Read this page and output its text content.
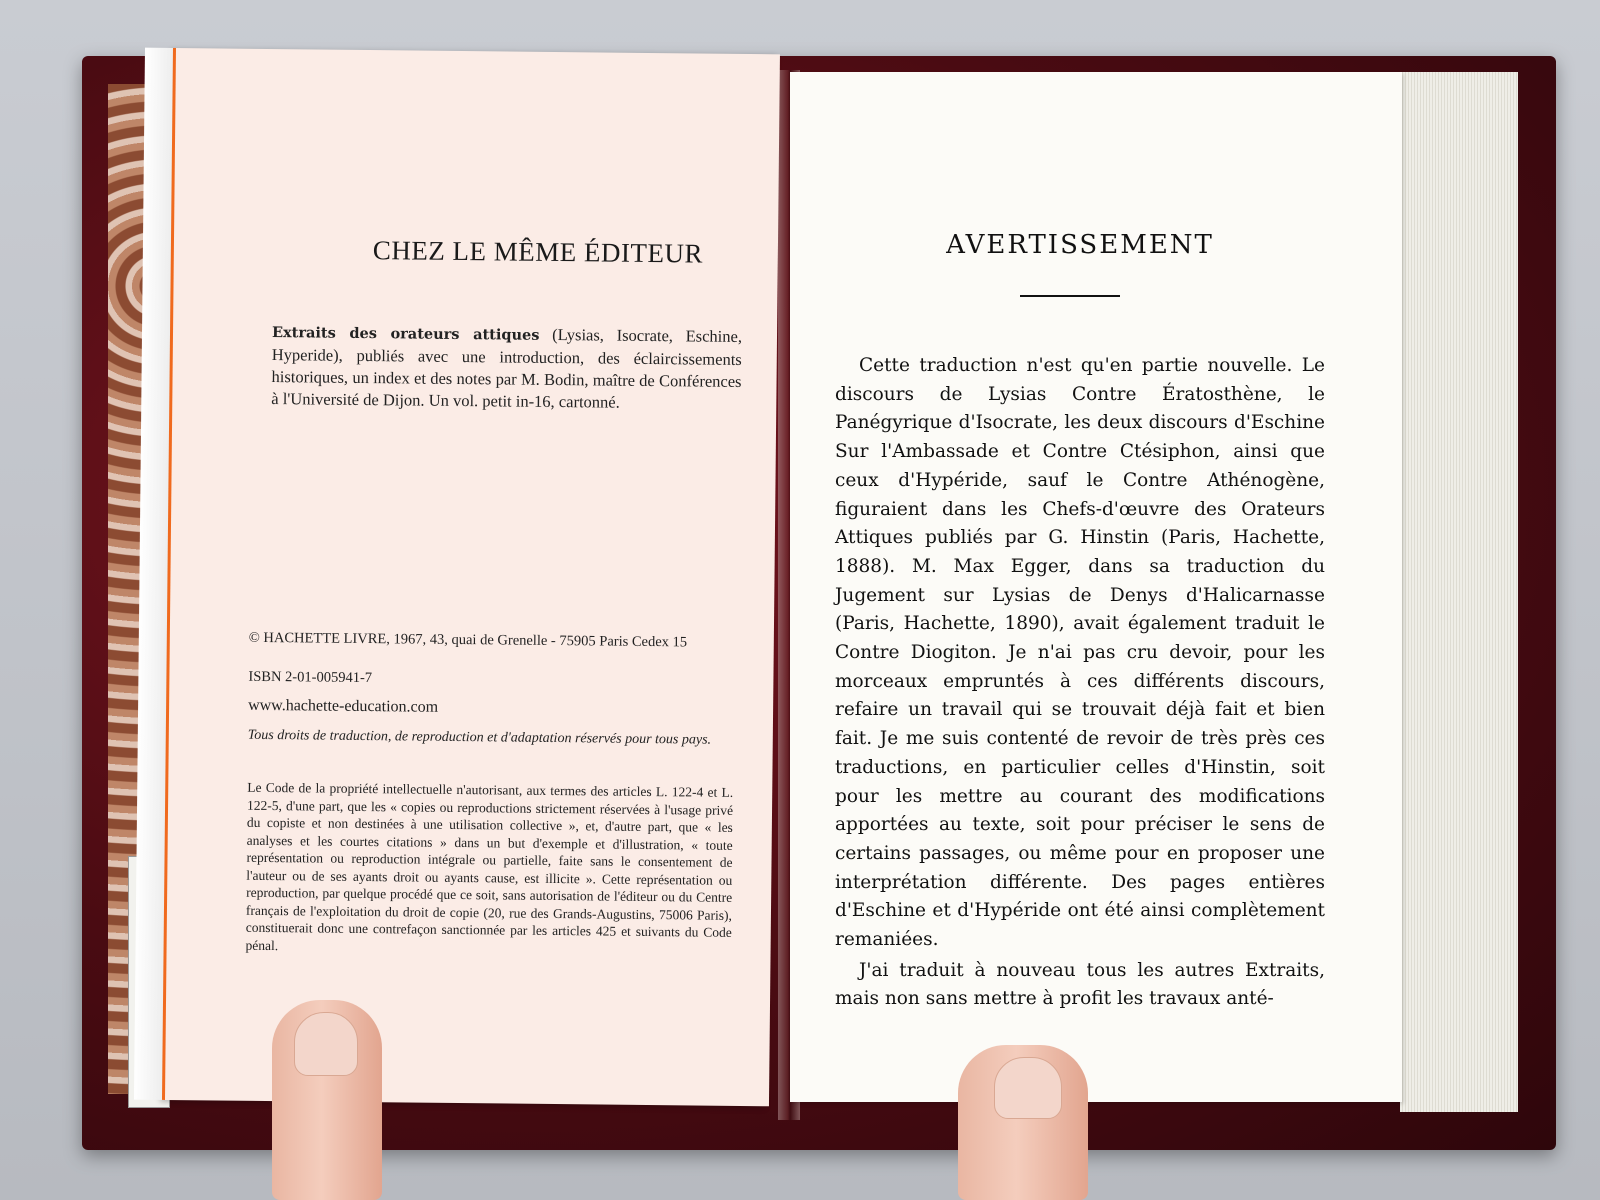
CHEZ LE MÊME ÉDITEUR
Extraits des orateurs attiques (Lysias, Isocrate, Eschine, Hyperide), publiés avec une introduction, des éclaircissements historiques, un index et des notes par M. Bodin, maître de Conférences à l'Université de Dijon. Un vol. petit in-16, cartonné.
© HACHETTE LIVRE, 1967, 43, quai de Grenelle - 75905 Paris Cedex 15
ISBN 2-01-005941-7
www.hachette-education.com
Tous droits de traduction, de reproduction et d'adaptation réservés pour tous pays.
Le Code de la propriété intellectuelle n'autorisant, aux termes des articles L. 122-4 et L. 122-5, d'une part, que les « copies ou reproductions strictement réservées à l'usage privé du copiste et non destinées à une utilisation collective », et, d'autre part, que « les analyses et les courtes citations » dans un but d'exemple et d'illustration, « toute représentation ou reproduction intégrale ou partielle, faite sans le consentement de l'auteur ou de ses ayants droit ou ayants cause, est illicite ». Cette représentation ou reproduction, par quelque procédé que ce soit, sans autorisation de l'éditeur ou du Centre français de l'exploitation du droit de copie (20, rue des Grands-Augustins, 75006 Paris), constituerait donc une contrefaçon sanctionnée par les articles 425 et suivants du Code pénal.
AVERTISSEMENT

Cette traduction n'est qu'en partie nouvelle. Le discours de Lysias Contre Ératosthène, le Panégyrique d'Isocrate, les deux discours d'Eschine Sur l'Ambassade et Contre Ctésiphon, ainsi que ceux d'Hypéride, sauf le Contre Athénogène, figuraient dans les Chefs-d'œuvre des Orateurs Attiques publiés par G. Hinstin (Paris, Hachette, 1888). M. Max Egger, dans sa traduction du Jugement sur Lysias de Denys d'Halicarnasse (Paris, Hachette, 1890), avait également traduit le Contre Diogiton. Je n'ai pas cru devoir, pour les morceaux empruntés à ces différents discours, refaire un travail qui se trouvait déjà fait et bien fait. Je me suis contenté de revoir de très près ces traductions, en particulier celles d'Hinstin, soit pour les mettre au courant des modifications apportées au texte, soit pour préciser le sens de certains passages, ou même pour en proposer une interprétation différente. Des pages entières d'Eschine et d'Hypéride ont été ainsi complètement remaniées.

J'ai traduit à nouveau tous les autres Extraits, mais non sans mettre à profit les travaux anté-
